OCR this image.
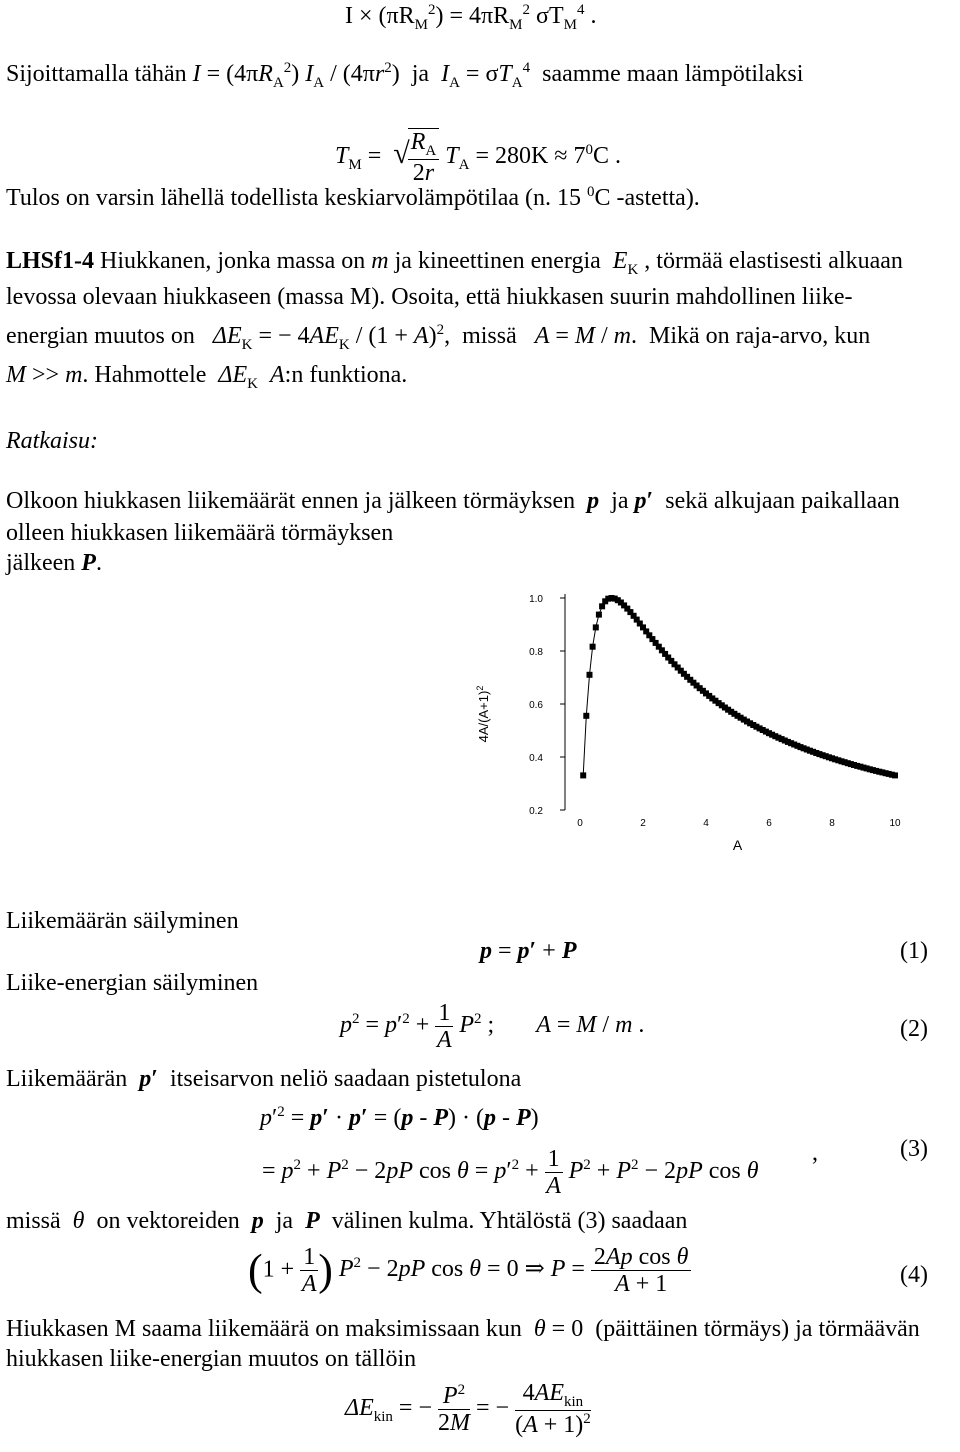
$I \times (\pi R_M^2) = 4\pi R_M^2$ $\sigma T_M^4$ .
Sijoittamalla tähän $I = (4\pi R_A^2)$ $I_A / (4\pi r^2)$  ja  $I_A = \sigma T_A^4$  saamme maan lämpötilaksi
$T_M$ = √
$\frac{R_A}{2r} T_A = 280K \approx 7^0C$ .
Tulos on varsin lähellä todellista keskiarvolämpötilaa (n. 15 $^0$C -astetta).
LHSf1-4 Hiukkanen, jonka massa on m ja kineettinen energia  $E_K$ , törmää elastisesti alkuaan
levossa olevaan hiukkaseen (massa M). Osoita, että hiukkasen suurin mahdollinen liike-
energian muutos on   $\Delta E_K$ = − $4AE_K / (1 + A)^2$,  missä   A = M / m.  Mikä on raja-arvo, kun
M >> m. Hahmottele  $\Delta E_K$ A:n funktiona.
Ratkaisu:
Olkoon hiukkasen liikemäärät ennen ja jälkeen törmäyksen  p  ja p′  sekä alkujaan paikallaan
olleen hiukkasen liikemäärä törmäyksen
jälkeen P.
0.2
0.4
0.6
0.8
1.0
0	2	4	6	8	10
A
$4A/(A+1)^2$
Liikemäärän säilyminen
p = p′ + P	(1)
Liike-energian säilyminen
$p^2 = p'^2 + \frac{1}{A} P^2$ ;       A = M / m .	(2)
Liikemäärän  p′  itseisarvon neliö saadaan pistetulona
$p'^2 = p' \cdot p' = (p - P) \cdot (p - P)$
= $p^2 + P^2 - 2pP$ $\cos \theta = p'^2 + \frac{1}{A} P^2 + P^2 - 2pP$ cos θ
,	(3)
missä  θ  on vektoreiden  p  ja  P  välinen kulma. Yhtälöstä (3) saadaan
($1 + \frac{1}{A}$ ) $P^2 - 2pP$ cos θ = 0 ⇒ $P = \frac{\text{2Ap cos θ}}{A + 1}$	(4)
Hiukkasen M saama liikemäärä on maksimissaan kun  θ = 0  (päittäinen törmäys) ja törmäävän
hiukkasen liike-energian muutos on tällöin
$\Delta E_{kin}$ = − $\frac{P^2}{2M}$ = − $\frac{4AE_{kin}}{(A + 1)^2}$
